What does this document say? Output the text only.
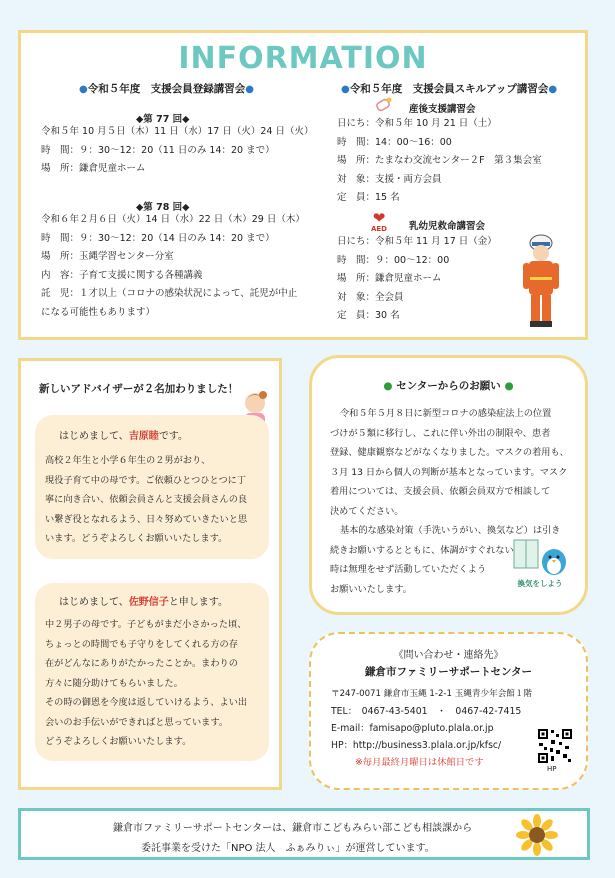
INFORMATION
●令和５年度　支援会員登録講習会●
◆第 77 回◆
令和５年 10 月５日（木）11 日（水）17 日（火）24 日（火）
時　間：９：30～12：20（11 日のみ 14：20 まで）
場　所：鎌倉児童ホーム
◆第 78 回◆
令和６年２月６日（火）14 日（水）22 日（木）29 日（木）
時　間：９：30～12：20（14 日のみ 14：20 まで）
場　所：玉縄学習センター分室
内　容：子育て支援に関する各種講義
託　児：１才以上（コロナの感染状況によって、託児が中止
になる可能性もあります）
●令和５年度　支援会員スキルアップ講習会●
産後支援講習会
日にち：令和５年 10 月 21 日（土）
時　間：14：00～16：00
場　所：たまなわ交流センター２F　第３集会室
対　象：支援・両方会員
定　員：15 名
❤
AED	乳幼児救命講習会
日にち：令和５年 11 月 17 日（金）
時　間：９：00～12：00
場　所：鎌倉児童ホーム
対　象：全会員
定　員：30 名
新しいアドバイザーが２名加わりました！
はじめまして、吉原睦です。
高校２年生と小学６年生の２男がおり、
現役子育て中の母です。ご依頼ひとつひとつに丁
寧に向き合い、依頼会員さんと支援会員さんの良
い繋ぎ役となれるよう、日々努めていきたいと思
います。どうぞよろしくお願いいたします。
はじめまして、佐野信子と申します。
中２男子の母です。子どもがまだ小さかった頃、
ちょっとの時間でも子守りをしてくれる方の存
在がどんなにありがたかったことか。まわりの
方々に随分助けてもらいました。
その時の御恩を今度は返していけるよう、よい出
会いのお手伝いができればと思っています。
どうぞよろしくお願いいたします。
● センターからのお願い ●
令和５年５月８日に新型コロナの感染症法上の位置
づけが５類に移行し、これに伴い外出の制限や、患者
登録、健康観察などがなくなりました。マスクの着用も、
３月 13 日から個人の判断が基本となっています。マスク
着用については、支援会員、依頼会員双方で相談して
決めてください。
基本的な感染対策（手洗いうがい、換気など）は引き
続きお願いするとともに、体調がすぐれない
時は無理をせず活動していただくよう
お願いいたします。	換気をしよう
《問い合わせ・連絡先》
鎌倉市ファミリーサポートセンター
〒247-0071 鎌倉市玉縄 1-2-1 玉縄青少年会館１階
TEL：　0467-43-5401　・　0467-42-7415
E-mail：famisapo@pluto.plala.or.jp
HP：http://business3.plala.or.jp/kfsc/
※毎月最終月曜日は休館日です
HP
鎌倉市ファミリーサポートセンターは、鎌倉市こどもみらい部こども相談課から
委託事業を受けた「NPO 法人　ふぁみりぃ」が運営しています。
